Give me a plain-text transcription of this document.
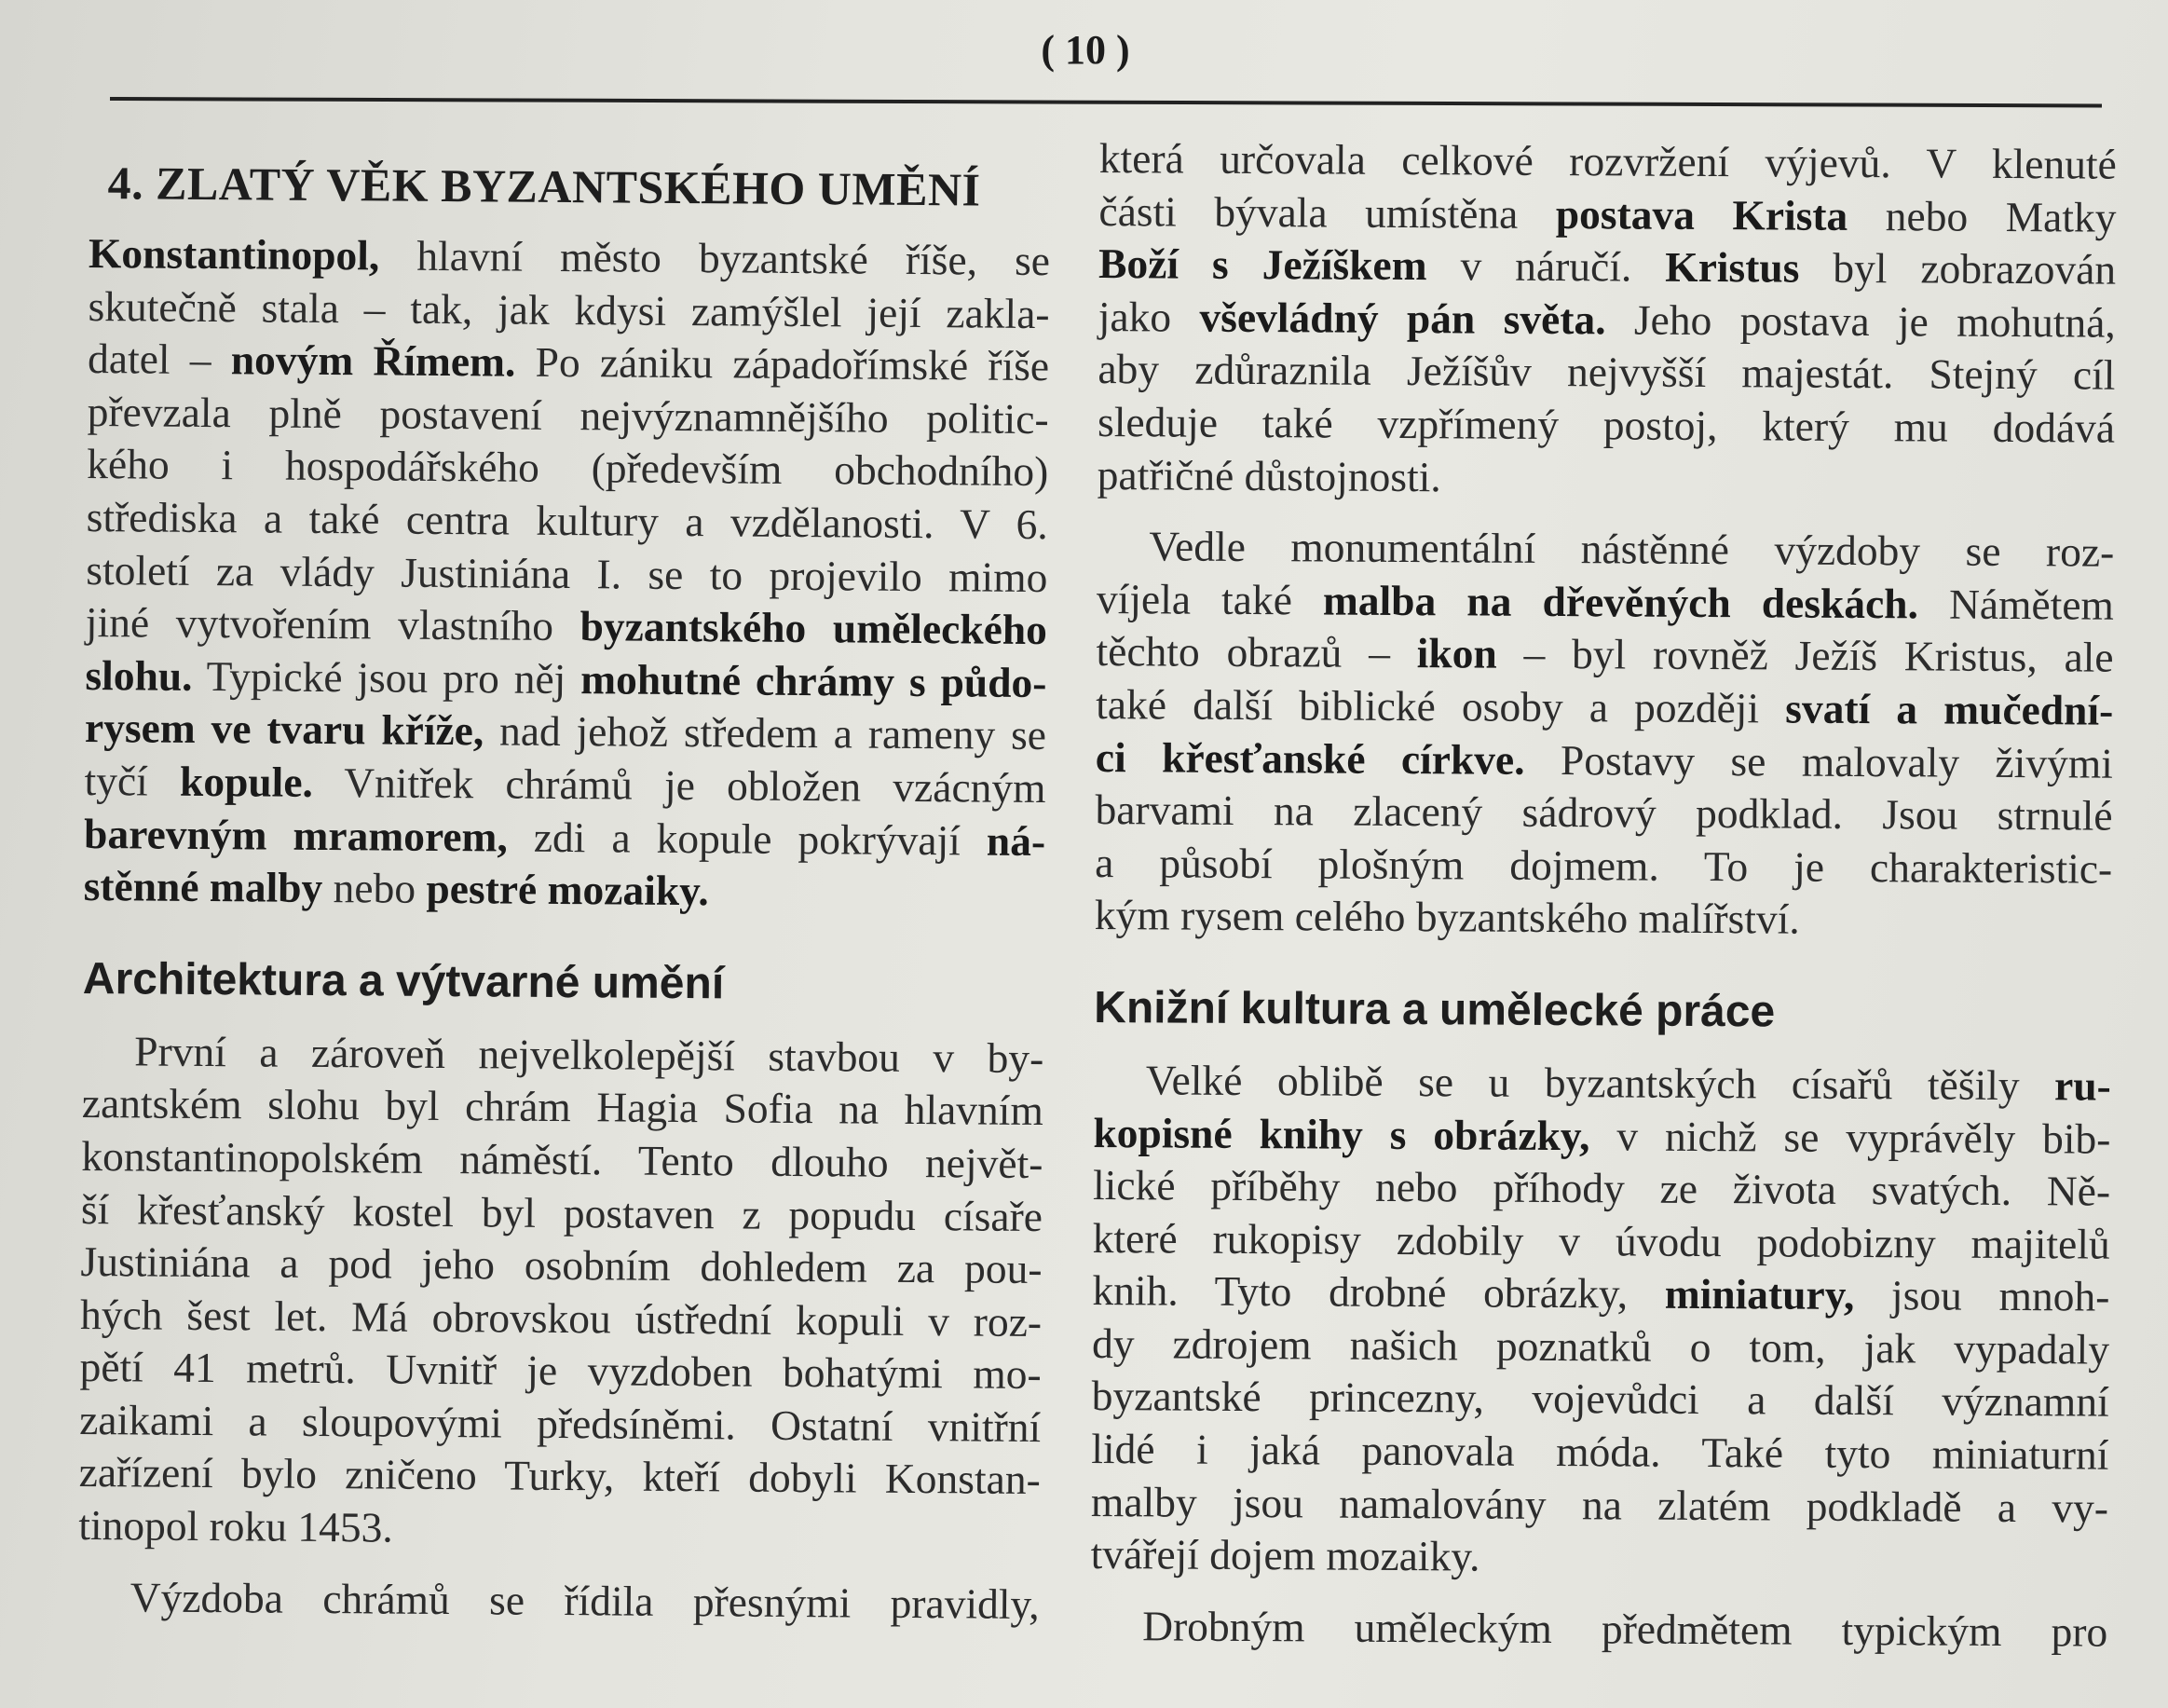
( 10 )
4. ZLATÝ VĚK BYZANTSKÉHO UMĚNÍ
Konstantinopol, hlavní město byzantské říše, se
skutečně stala – tak, jak kdysi zamýšlel její zakla-
datel – novým Římem. Po zániku západořímské říše
převzala plně postavení nejvýznamnějšího politic-
kého i hospodářského (především obchodního)
střediska a také centra kultury a vzdělanosti. V 6.
století za vlády Justiniána I. se to projevilo mimo
jiné vytvořením vlastního byzantského uměleckého
slohu. Typické jsou pro něj mohutné chrámy s půdo-
rysem ve tvaru kříže, nad jehož středem a rameny se
tyčí kopule. Vnitřek chrámů je obložen vzácným
barevným mramorem, zdi a kopule pokrývají ná-
stěnné malby nebo pestré mozaiky.
Architektura a výtvarné umění
První a zároveň nejvelkolepější stavbou v by-
zantském slohu byl chrám Hagia Sofia na hlavním
konstantinopolském náměstí. Tento dlouho největ-
ší křesťanský kostel byl postaven z popudu císaře
Justiniána a pod jeho osobním dohledem za pou-
hých šest let. Má obrovskou ústřední kopuli v roz-
pětí 41 metrů. Uvnitř je vyzdoben bohatými mo-
zaikami a sloupovými předsíněmi. Ostatní vnitřní
zařízení bylo zničeno Turky, kteří dobyli Konstan-
tinopol roku 1453.
Výzdoba chrámů se řídila přesnými pravidly,
která určovala celkové rozvržení výjevů. V klenuté
části bývala umístěna postava Krista nebo Matky
Boží s Ježíškem v náručí. Kristus byl zobrazován
jako vševládný pán světa. Jeho postava je mohutná,
aby zdůraznila Ježíšův nejvyšší majestát. Stejný cíl
sleduje také vzpřímený postoj, který mu dodává
patřičné důstojnosti.
Vedle monumentální nástěnné výzdoby se roz-
víjela také malba na dřevěných deskách. Námětem
těchto obrazů – ikon – byl rovněž Ježíš Kristus, ale
také další biblické osoby a později svatí a mučední-
ci křesťanské církve. Postavy se malovaly živými
barvami na zlacený sádrový podklad. Jsou strnulé
a působí plošným dojmem. To je charakteristic-
kým rysem celého byzantského malířství.
Knižní kultura a umělecké práce
Velké oblibě se u byzantských císařů těšily ru-
kopisné knihy s obrázky, v nichž se vyprávěly bib-
lické příběhy nebo příhody ze života svatých. Ně-
které rukopisy zdobily v úvodu podobizny majitelů
knih. Tyto drobné obrázky, miniatury, jsou mnoh-
dy zdrojem našich poznatků o tom, jak vypadaly
byzantské princezny, vojevůdci a další významní
lidé i jaká panovala móda. Také tyto miniaturní
malby jsou namalovány na zlatém podkladě a vy-
tvářejí dojem mozaiky.
Drobným uměleckým předmětem typickým pro
